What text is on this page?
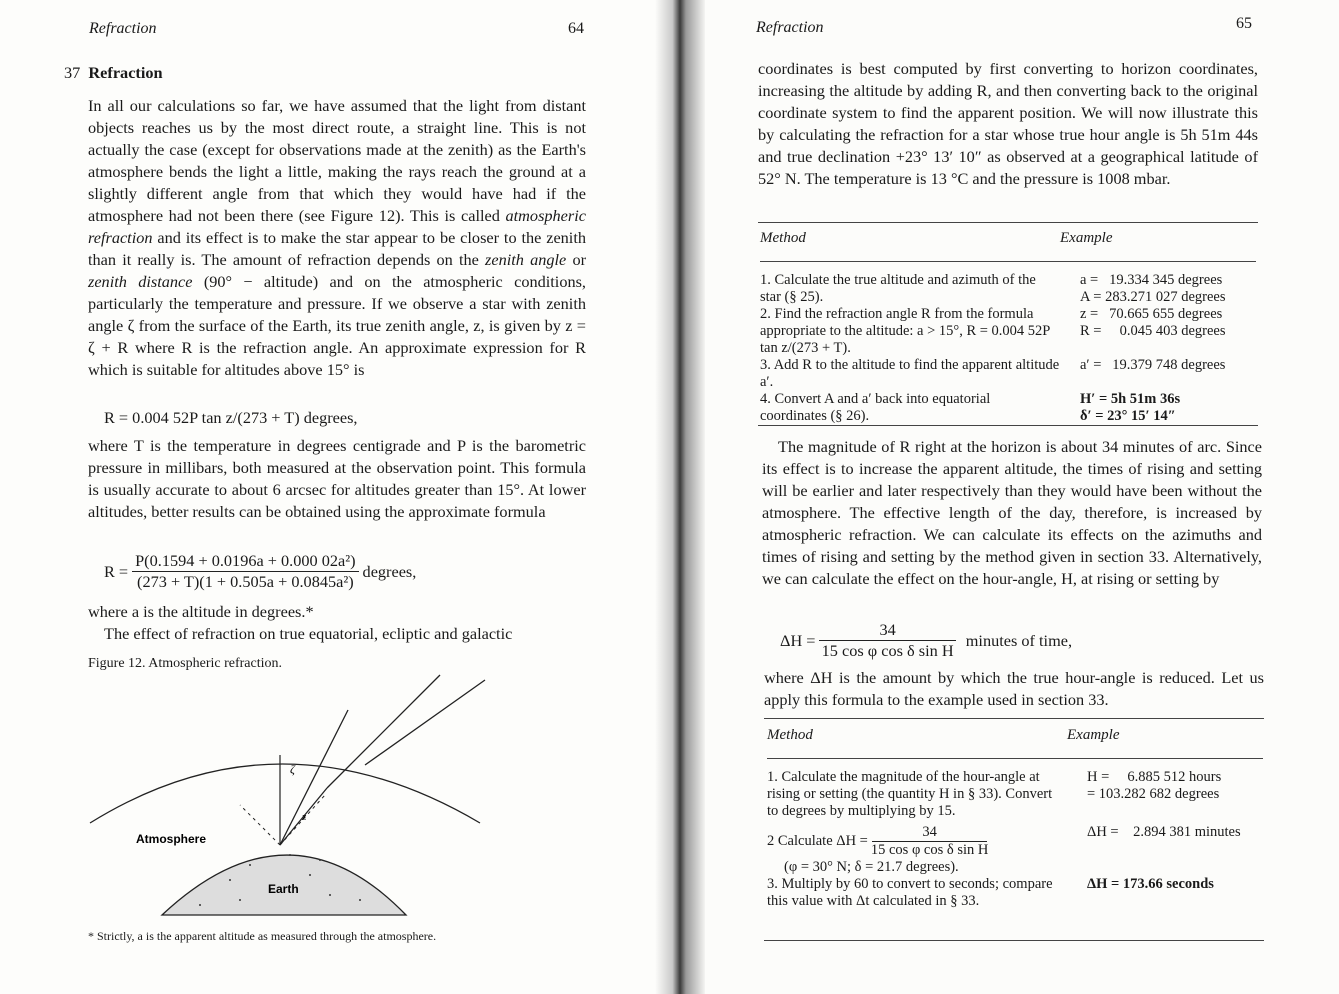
Refraction	64
37 Refraction

In all our calculations so far, we have assumed that the light from distant objects reaches us by the most direct route, a straight line. This is not actually the case (except for observations made at the zenith) as the Earth's atmosphere bends the light a little, making the rays reach the ground at a slightly different angle from that which they would have had if the atmosphere had not been there (see Figure 12). This is called atmospheric refraction and its effect is to make the star appear to be closer to the zenith than it really is. The amount of refraction depends on the zenith angle or zenith distance (90° − altitude) and on the atmospheric conditions, particularly the temperature and pressure. If we observe a star with zenith angle ζ from the surface of the Earth, its true zenith angle, z, is given by z = ζ + R where R is the refraction angle. An approximate expression for R which is suitable for altitudes above 15° is

R = 0.004 52P tan z/(273 + T) degrees,

where T is the temperature in degrees centigrade and P is the barometric pressure in millibars, both measured at the observation point. This formula is usually accurate to about 6 arcsec for altitudes greater than 15°. At lower altitudes, better results can be obtained using the approximate formula

$R = \frac{\text{P(0.1594 + 0.0196a + 0.000 02a²)}}{\text{(273 + T)(1 + 0.505a + 0.0845a²)}}$ degrees,

where a is the altitude in degrees.*

The effect of refraction on true equatorial, ecliptic and galactic

Figure 12. Atmospheric refraction.
Atmosphere
Earth
ζ
z
* Strictly, a is the apparent altitude as measured through the atmosphere.
Refraction	65

coordinates is best computed by first converting to horizon coordinates, increasing the altitude by adding R, and then converting back to the original coordinate system to find the apparent position. We will now illustrate this by calculating the refraction for a star whose true hour angle is 5h 51m 44s and true declination +23° 13′ 10″ as observed at a geographical latitude of 52° N. The temperature is 13 °C and the pressure is 1008 mbar.

Method	Example
1. Calculate the true altitude and azimuth of the star (§ 25).	a =   19.334 345 degrees
A = 283.271 027 degrees

2. Find the refraction angle R from the formula appropriate to the altitude: a > 15°, R = 0.004 52P tan z/(273 + T).	z =   70.665 655 degrees
R =     0.045 403 degrees

3. Add R to the altitude to find the apparent altitude a′.	a′ =   19.379 748 degrees

4. Convert A and a′ back into equatorial coordinates (§ 26).	H′ = 5h 51m 36s
δ′ = 23° 15′ 14″

The magnitude of R right at the horizon is about 34 minutes of arc. Since its effect is to increase the apparent altitude, the times of rising and setting will be earlier and later respectively than they would have been without the atmosphere. The effective length of the day, therefore, is increased by atmospheric refraction. We can calculate its effects on the azimuths and times of rising and setting by the method given in section 33. Alternatively, we can calculate the effect on the hour-angle, H, at rising or setting by

$\Delta H = \frac{34}{\text{15 cos φ cos δ sin H}}$ minutes of time,

where ΔH is the amount by which the true hour-angle is reduced. Let us apply this formula to the example used in section 33.

Method	Example
1. Calculate the magnitude of the hour-angle at rising or setting (the quantity H in § 33). Convert to degrees by multiplying by 15.	H =     6.885 512 hours
= 103.282 682 degrees

2 Calculate $\Delta H = \frac{34}{\text{15 cos φ cos δ sin H}}$
(φ = 30° N; δ = 21.7 degrees).	ΔH =    2.894 381 minutes

3. Multiply by 60 to convert to seconds; compare this value with Δt calculated in § 33.	ΔH = 173.66 seconds
